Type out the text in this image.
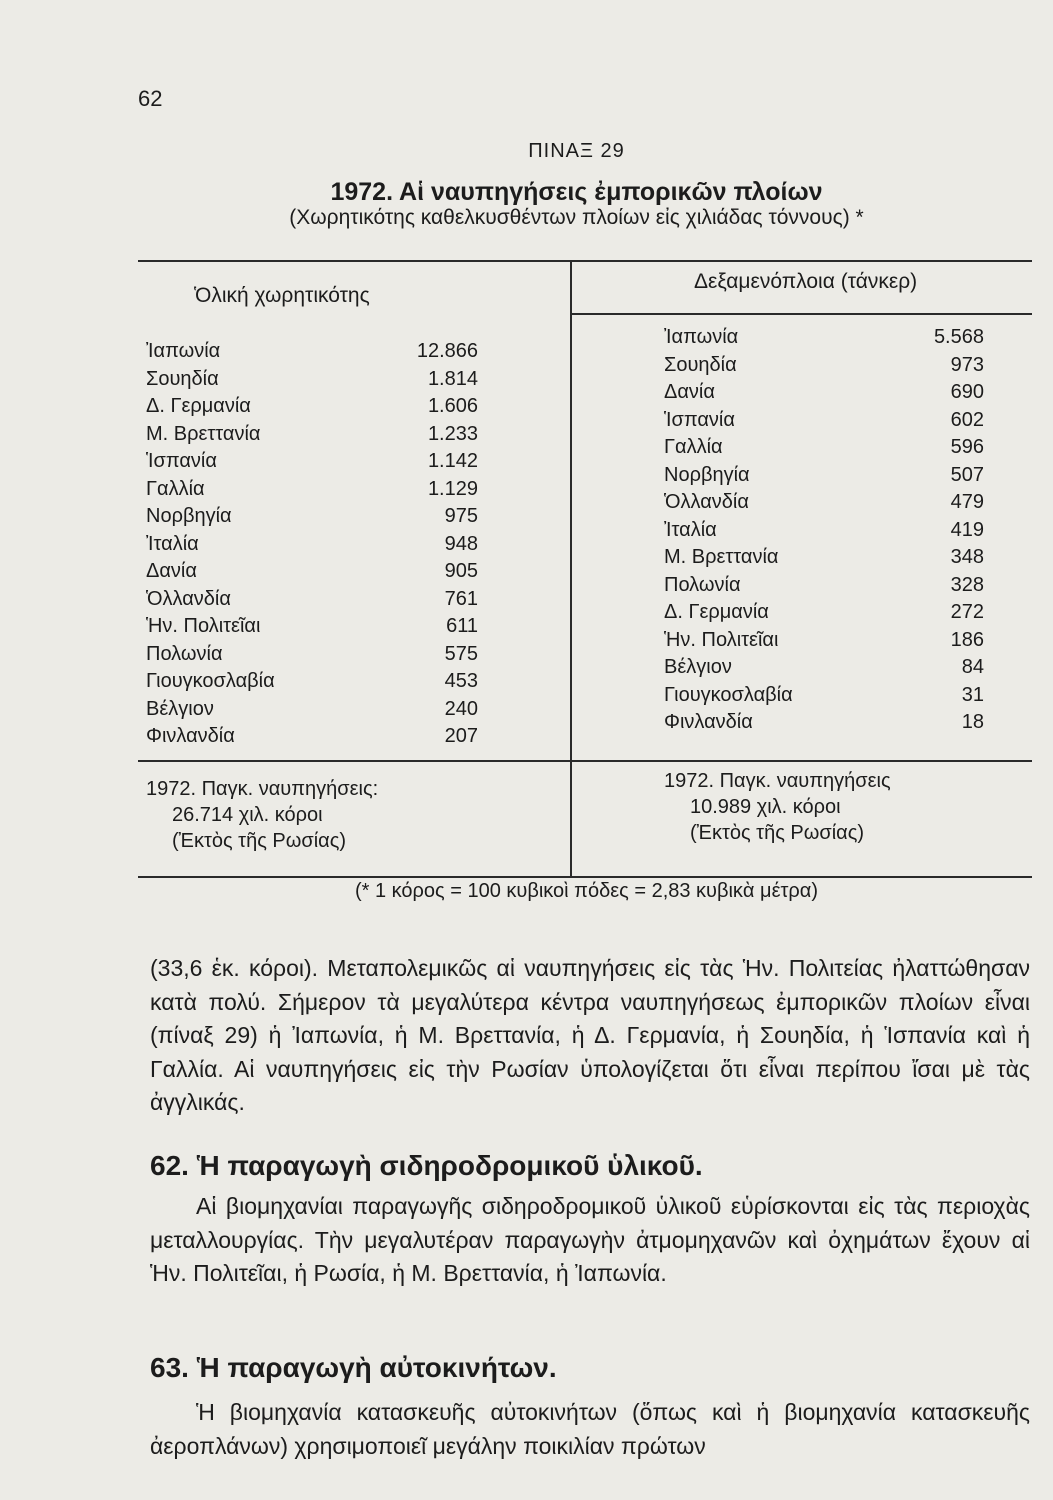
62
ΠΙΝΑΞ 29
1972. Αἱ ναυπηγήσεις ἐμπορικῶν πλοίων
(Χωρητικότης καθελκυσθέντων πλοίων εἰς χιλιάδας τόννους) *
Ὁλική χωρητικότης
Δεξαμενόπλοια (τάνκερ)
Ἰαπωνία	12.866
Σουηδία	1.814
Δ. Γερμανία	1.606
Μ. Βρεττανία	1.233
Ἱσπανία	1.142
Γαλλία	1.129
Νορβηγία	975
Ἰταλία	948
Δανία	905
Ὁλλανδία	761
Ἡν. Πολιτεῖαι	611
Πολωνία	575
Γιουγκοσλαβία	453
Βέλγιον	240
Φινλανδία	207
Ἰαπωνία	5.568
Σουηδία	973
Δανία	690
Ἱσπανία	602
Γαλλία	596
Νορβηγία	507
Ὁλλανδία	479
Ἰταλία	419
Μ. Βρεττανία	348
Πολωνία	328
Δ. Γερμανία	272
Ἡν. Πολιτεῖαι	186
Βέλγιον	84
Γιουγκοσλαβία	31
Φινλανδία	18
1972. Παγκ. ναυπηγήσεις:
26.714 χιλ. κόροι
(Ἐκτὸς τῆς Ρωσίας)
1972. Παγκ. ναυπηγήσεις
10.989 χιλ. κόροι
(Ἐκτὸς τῆς Ρωσίας)
(* 1 κόρος = 100 κυβικοὶ πόδες = 2,83 κυβικὰ μέτρα)

(33,6 ἑκ. κόροι). Μεταπολεμικῶς αἱ ναυπηγήσεις εἰς τὰς Ἡν. Πολιτείας ἠλαττώθησαν κατὰ πολύ. Σήμερον τὰ μεγαλύτερα κέντρα ναυπηγήσεως ἐμπορικῶν πλοίων εἶναι (πίναξ 29) ἡ Ἰαπωνία, ἡ Μ. Βρεττανία, ἡ Δ. Γερμανία, ἡ Σουηδία, ἡ Ἱσπανία καὶ ἡ Γαλλία. Αἱ ναυπηγήσεις εἰς τὴν Ρωσίαν ὑπολογίζεται ὅτι εἶναι περίπου ἴσαι μὲ τὰς ἀγγλικάς.

62. Ἡ παραγωγὴ σιδηροδρομικοῦ ὑλικοῦ.

Αἱ βιομηχανίαι παραγωγῆς σιδηροδρομικοῦ ὑλικοῦ εὑρίσκονται εἰς τὰς περιοχὰς μεταλλουργίας. Τὴν μεγαλυτέραν παραγωγὴν ἀτμομηχανῶν καὶ ὀχημάτων ἔχουν αἱ Ἡν. Πολιτεῖαι, ἡ Ρωσία, ἡ Μ. Βρεττανία, ἡ Ἰαπωνία.

63. Ἡ παραγωγὴ αὐτοκινήτων.

Ἡ βιομηχανία κατασκευῆς αὐτοκινήτων (ὅπως καὶ ἡ βιομηχανία κατασκευῆς ἀεροπλάνων) χρησιμοποιεῖ μεγάλην ποικιλίαν πρώτων
